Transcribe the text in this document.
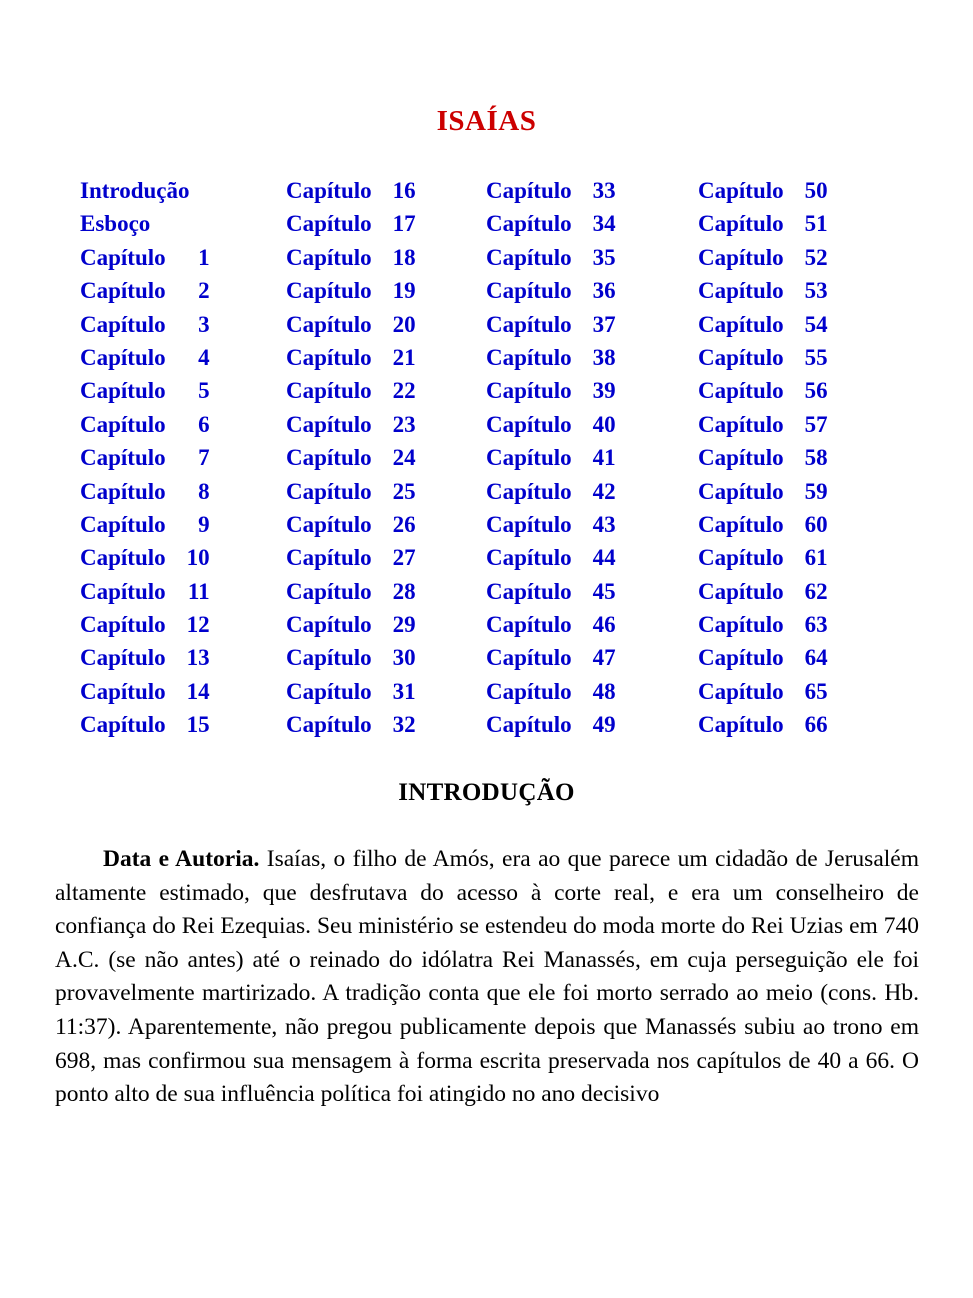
ISAÍAS
Introdução	Capítulo 16	Capítulo 33	Capítulo 50
Esboço	Capítulo 17	Capítulo 34	Capítulo 51
Capítulo 1	Capítulo 18	Capítulo 35	Capítulo 52
Capítulo 2	Capítulo 19	Capítulo 36	Capítulo 53
Capítulo 3	Capítulo 20	Capítulo 37	Capítulo 54
Capítulo 4	Capítulo 21	Capítulo 38	Capítulo 55
Capítulo 5	Capítulo 22	Capítulo 39	Capítulo 56
Capítulo 6	Capítulo 23	Capítulo 40	Capítulo 57
Capítulo 7	Capítulo 24	Capítulo 41	Capítulo 58
Capítulo 8	Capítulo 25	Capítulo 42	Capítulo 59
Capítulo 9	Capítulo 26	Capítulo 43	Capítulo 60
Capítulo 10	Capítulo 27	Capítulo 44	Capítulo 61
Capítulo 11	Capítulo 28	Capítulo 45	Capítulo 62
Capítulo 12	Capítulo 29	Capítulo 46	Capítulo 63
Capítulo 13	Capítulo 30	Capítulo 47	Capítulo 64
Capítulo 14	Capítulo 31	Capítulo 48	Capítulo 65
Capítulo 15	Capítulo 32	Capítulo 49	Capítulo 66
INTRODUÇÃO

Data e Autoria. Isaías, o filho de Amós, era ao que parece um cidadão de Jerusalém altamente estimado, que desfrutava do acesso à corte real, e era um conselheiro de confiança do Rei Ezequias. Seu ministério se estendeu do moda morte do Rei Uzias em 740 A.C. (se não antes) até o reinado do idólatra Rei Manassés, em cuja perseguição ele foi provavelmente martirizado. A tradição conta que ele foi morto serrado ao meio (cons. Hb. 11:37). Aparentemente, não pregou publicamente depois que Manassés subiu ao trono em 698, mas confirmou sua mensagem à forma escrita preservada nos capítulos de 40 a 66. O ponto alto de sua influência política foi atingido no ano decisivo
